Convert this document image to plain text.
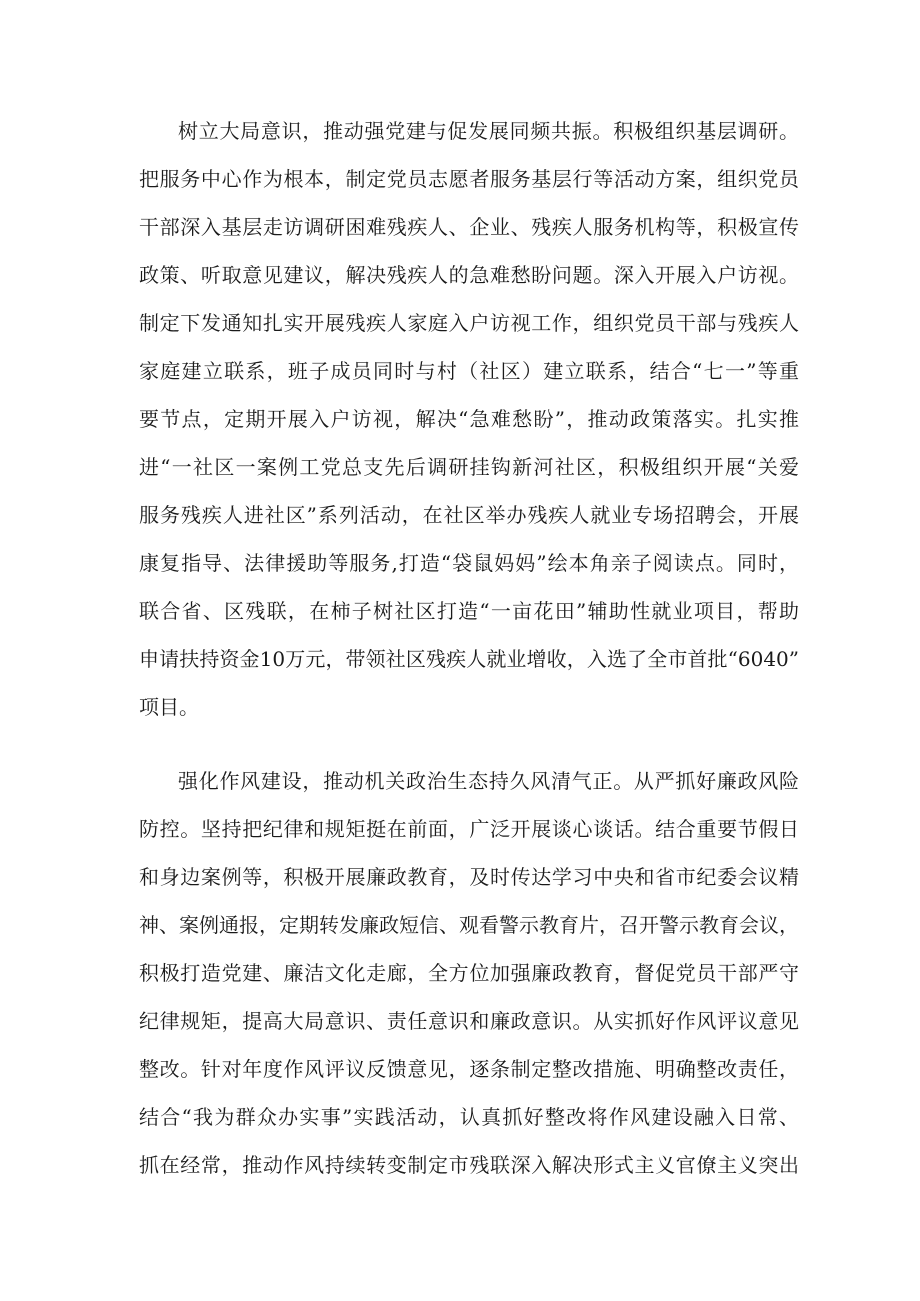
树立大局意识，推动强党建与促发展同频共振。积极组织基层调研。
把服务中心作为根本，制定党员志愿者服务基层行等活动方案，组织党员
干部深入基层走访调研困难残疾人、企业、残疾人服务机构等，积极宣传
政策、听取意见建议，解决残疾人的急难愁盼问题。深入开展入户访视。
制定下发通知扎实开展残疾人家庭入户访视工作，组织党员干部与残疾人
家庭建立联系，班子成员同时与村（社区）建立联系，结合“七一”等重
要节点，定期开展入户访视，解决“急难愁盼”，推动政策落实。扎实推
进“一社区一案例工党总支先后调研挂钩新河社区，积极组织开展“关爱
服务残疾人进社区”系列活动，在社区举办残疾人就业专场招聘会，开展
康复指导、法律援助等服务,打造“袋鼠妈妈”绘本角亲子阅读点。同时，
联合省、区残联，在柿子树社区打造“一亩花田”辅助性就业项目，帮助
申请扶持资金10万元，带领社区残疾人就业增收，入选了全市首批“6040”
项目。
强化作风建设，推动机关政治生态持久风清气正。从严抓好廉政风险
防控。坚持把纪律和规矩挺在前面，广泛开展谈心谈话。结合重要节假日
和身边案例等，积极开展廉政教育，及时传达学习中央和省市纪委会议精
神、案例通报，定期转发廉政短信、观看警示教育片，召开警示教育会议，
积极打造党建、廉洁文化走廊，全方位加强廉政教育，督促党员干部严守
纪律规矩，提高大局意识、责任意识和廉政意识。从实抓好作风评议意见
整改。针对年度作风评议反馈意见，逐条制定整改措施、明确整改责任，
结合“我为群众办实事”实践活动，认真抓好整改将作风建设融入日常、
抓在经常，推动作风持续转变制定市残联深入解决形式主义官僚主义突出
